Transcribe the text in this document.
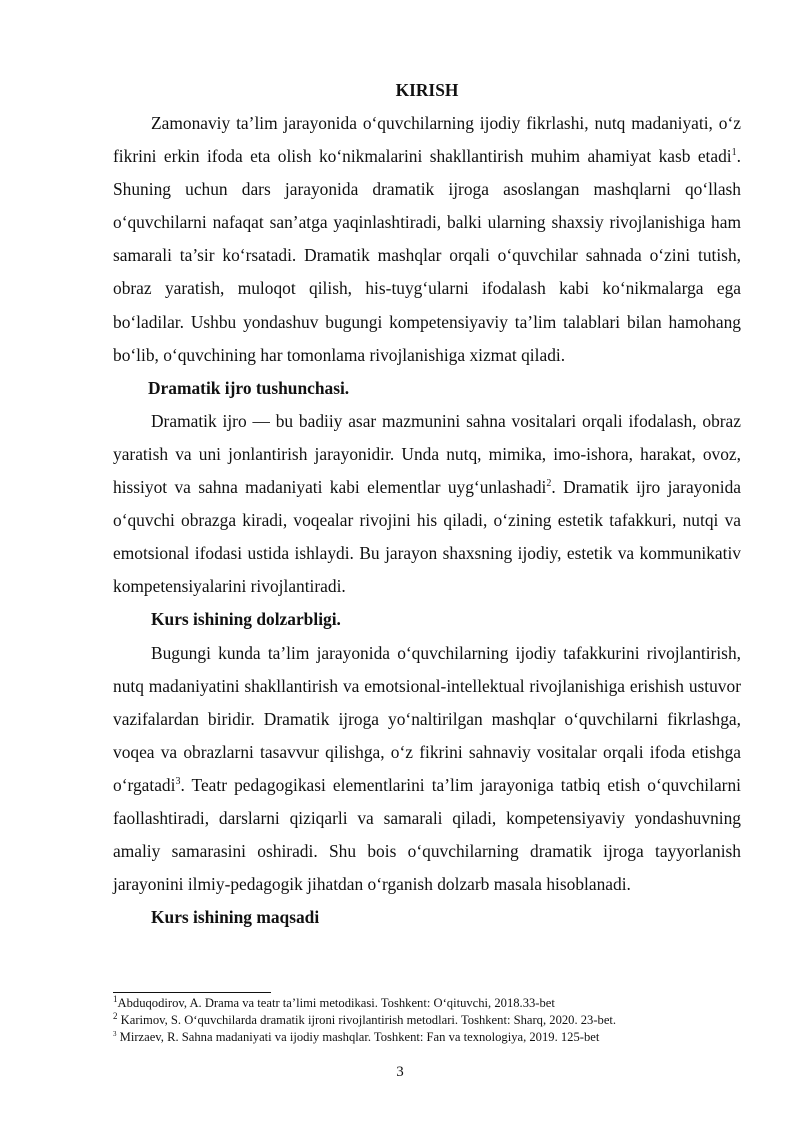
KIRISH

Zamonaviy ta’lim jarayonida o‘quvchilarning ijodiy fikrlashi, nutq madaniyati, o‘z fikrini erkin ifoda eta olish ko‘nikmalarini shakllantirish muhim ahamiyat kasb etadi$^1$. Shuning uchun dars jarayonida dramatik ijroga asoslangan mashqlarni qo‘llash o‘quvchilarni nafaqat san’atga yaqinlashtiradi, balki ularning shaxsiy rivojlanishiga ham samarali ta’sir ko‘rsatadi. Dramatik mashqlar orqali o‘quvchilar sahnada o‘zini tutish, obraz yaratish, muloqot qilish, his-tuyg‘ularni ifodalash kabi ko‘nikmalarga ega bo‘ladilar. Ushbu yondashuv bugungi kompetensiyaviy ta’lim talablari bilan hamohang bo‘lib, o‘quvchining har tomonlama rivojlanishiga xizmat qiladi.

Dramatik ijro tushunchasi.

Dramatik ijro — bu badiiy asar mazmunini sahna vositalari orqali ifodalash, obraz yaratish va uni jonlantirish jarayonidir. Unda nutq, mimika, imo-ishora, harakat, ovoz, hissiyot va sahna madaniyati kabi elementlar uyg‘unlashadi$^2$. Dramatik ijro jarayonida o‘quvchi obrazga kiradi, voqealar rivojini his qiladi, o‘zining estetik tafakkuri, nutqi va emotsional ifodasi ustida ishlaydi. Bu jarayon shaxsning ijodiy, estetik va kommunikativ kompetensiyalarini rivojlantiradi.

Kurs ishining dolzarbligi.

Bugungi kunda ta’lim jarayonida o‘quvchilarning ijodiy tafakkurini rivojlantirish, nutq madaniyatini shakllantirish va emotsional-intellektual rivojlanishiga erishish ustuvor vazifalardan biridir. Dramatik ijroga yo‘naltirilgan mashqlar o‘quvchilarni fikrlashga, voqea va obrazlarni tasavvur qilishga, o‘z fikrini sahnaviy vositalar orqali ifoda etishga o‘rgatadi$^3$. Teatr pedagogikasi elementlarini ta’lim jarayoniga tatbiq etish o‘quvchilarni faollashtiradi, darslarni qiziqarli va samarali qiladi, kompetensiyaviy yondashuvning amaliy samarasini oshiradi. Shu bois o‘quvchilarning dramatik ijroga tayyorlanish jarayonini ilmiy-pedagogik jihatdan o‘rganish dolzarb masala hisoblanadi.

Kurs ishining maqsadi

$^1$Abduqodirov, A. Drama va teatr ta’limi metodikasi. Toshkent: O‘qituvchi, 2018.33-bet
$^2$ Karimov, S. O‘quvchilarda dramatik ijroni rivojlantirish metodlari. Toshkent: Sharq, 2020. 23-bet.
$^3$ Mirzaev, R. Sahna madaniyati va ijodiy mashqlar. Toshkent: Fan va texnologiya, 2019. 125-bet
3
